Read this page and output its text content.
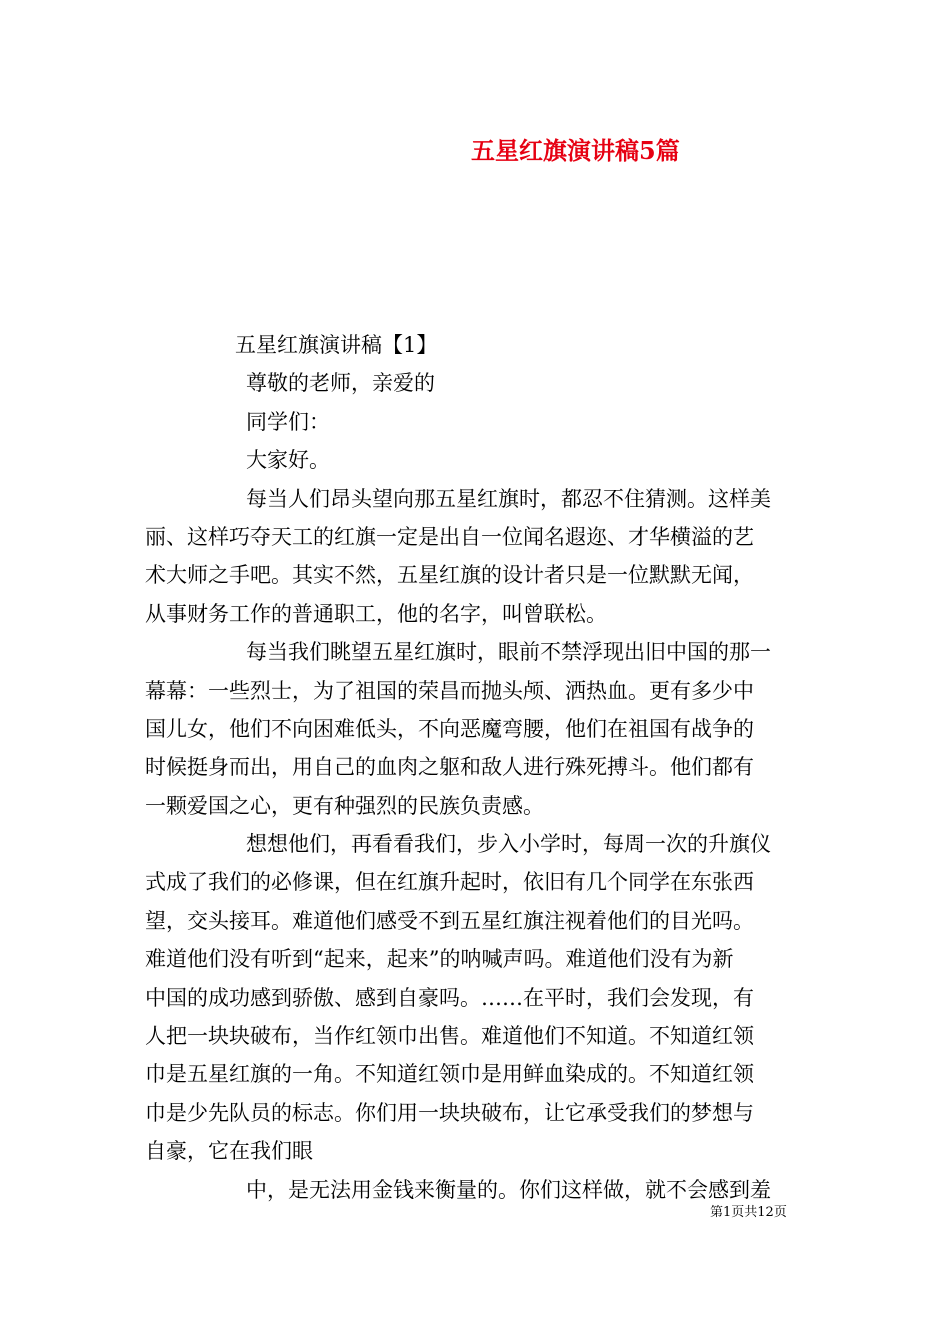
五星红旗演讲稿5篇
五星红旗演讲稿【1】
尊敬的老师，亲爱的
同学们：
大家好。
每当人们昂头望向那五星红旗时，都忍不住猜测。这样美
丽、这样巧夺天工的红旗一定是出自一位闻名遐迩、才华横溢的艺
术大师之手吧。其实不然，五星红旗的设计者只是一位默默无闻，
从事财务工作的普通职工，他的名字，叫曾联松。
每当我们眺望五星红旗时，眼前不禁浮现出旧中国的那一
幕幕：一些烈士，为了祖国的荣昌而抛头颅、洒热血。更有多少中
国儿女，他们不向困难低头，不向恶魔弯腰，他们在祖国有战争的
时候挺身而出，用自己的血肉之躯和敌人进行殊死搏斗。他们都有
一颗爱国之心，更有种强烈的民族负责感。
想想他们，再看看我们，步入小学时，每周一次的升旗仪
式成了我们的必修课，但在红旗升起时，依旧有几个同学在东张西
望，交头接耳。难道他们感受不到五星红旗注视着他们的目光吗。
难道他们没有听到“起来，起来”的呐喊声吗。难道他们没有为新
中国的成功感到骄傲、感到自豪吗。……在平时，我们会发现，有
人把一块块破布，当作红领巾出售。难道他们不知道。不知道红领
巾是五星红旗的一角。不知道红领巾是用鲜血染成的。不知道红领
巾是少先队员的标志。你们用一块块破布，让它承受我们的梦想与
自豪，它在我们眼
中，是无法用金钱来衡量的。你们这样做，就不会感到羞
第1页共12页
